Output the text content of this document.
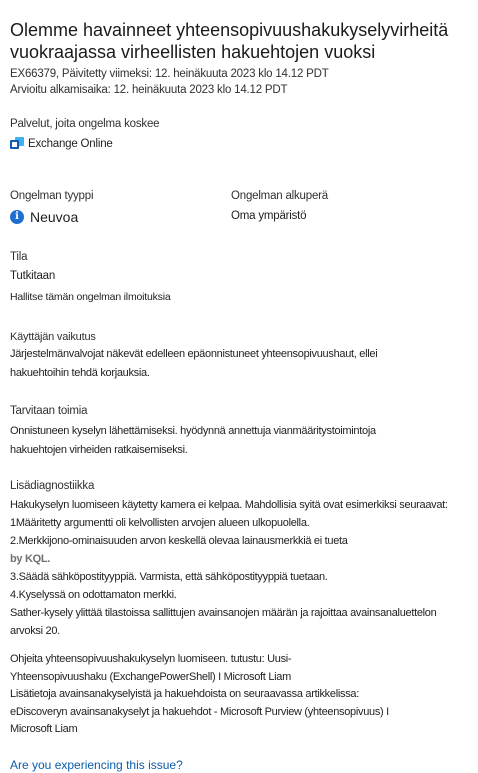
Olemme havainneet yhteensopivuushakukyselyvirheitä vuokraajassa virheellisten hakuehtojen vuoksi
EX66379, Päivitetty viimeksi: 12. heinäkuuta 2023 klo 14.12 PDT
Arvioitu alkamisaika: 12. heinäkuuta 2023 klo 14.12 PDT
Palvelut, joita ongelma koskee
Exchange Online
Ongelman tyyppi
i Neuvoa
Ongelman alkuperä
Oma ympäristö
Tila
Tutkitaan
Hallitse tämän ongelman ilmoituksia
Käyttäjän vaikutus
Järjestelmänvalvojat näkevät edelleen epäonnistuneet yhteensopivuushaut, ellei
hakuehtoihin tehdä korjauksia.
Tarvitaan toimia
Onnistuneen kyselyn lähettämiseksi. hyödynnä annettuja vianmääritystoimintoja
hakuehtojen virheiden ratkaisemiseksi.
Lisädiagnostiikka
Hakukyselyn luomiseen käytetty kamera ei kelpaa. Mahdollisia syitä ovat esimerkiksi seuraavat:
1Määritetty argumentti oli kelvollisten arvojen alueen ulkopuolella.
2.Merkkijono-ominaisuuden arvon keskellä olevaa lainausmerkkiä ei tueta
by KQL.
3.Säädä sähköpostityyppiä. Varmista, että sähköpostityyppiä tuetaan.
4.Kyselyssä on odottamaton merkki.
Sather-kysely ylittää tilastoissa sallittujen avainsanojen määrän ja rajoittaa avainsanaluettelon
arvoksi 20.
Ohjeita yhteensopivuushakukyselyn luomiseen. tutustu: Uusi-
Yhteensopivuushaku (ExchangePowerShell) I Microsoft Liam
Lisätietoja avainsanakyselyistä ja hakuehdoista on seuraavassa artikkelissa:
eDiscoveryn avainsanakyselyt ja hakuehdot - Microsoft Purview (yhteensopivuus) I
Microsoft Liam
Are you experiencing this issue?
